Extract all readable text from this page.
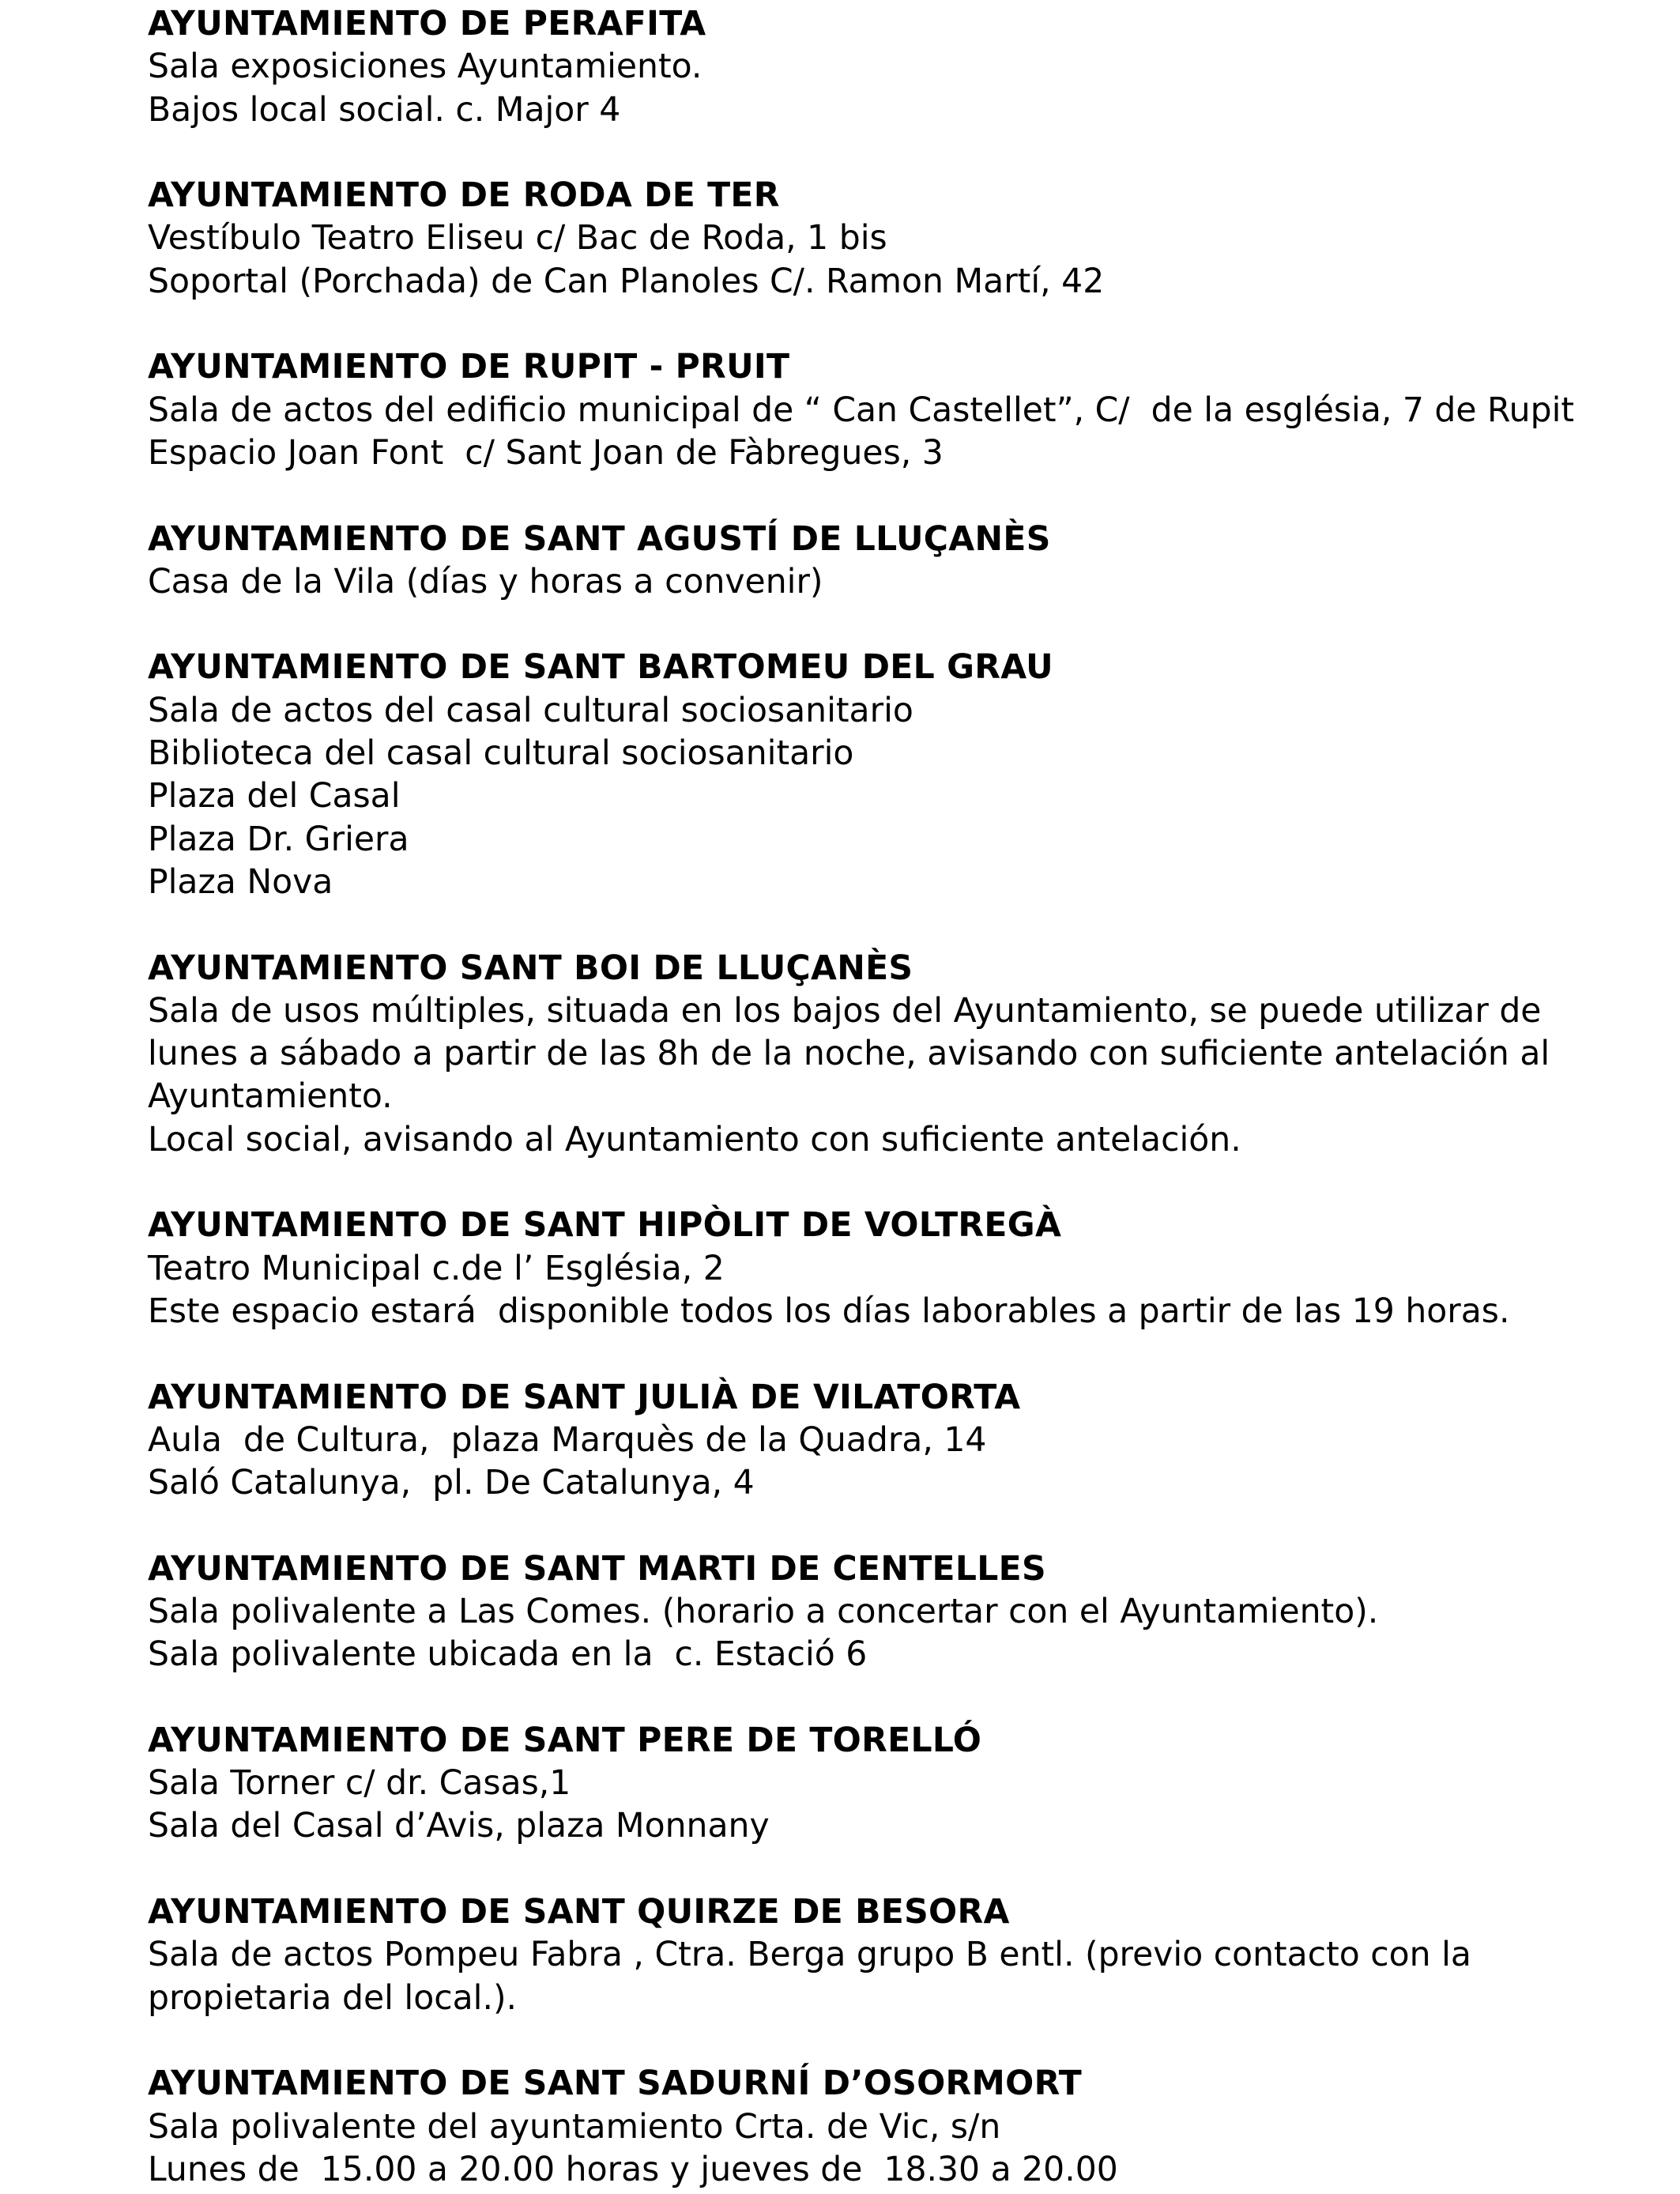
AYUNTAMIENTO DE PERAFITA
Sala exposiciones Ayuntamiento.
Bajos local social. c. Major 4
AYUNTAMIENTO DE RODA DE TER
Vestíbulo Teatro Eliseu c/ Bac de Roda, 1 bis
Soportal (Porchada) de Can Planoles C/. Ramon Martí, 42
AYUNTAMIENTO DE RUPIT - PRUIT
Sala de actos del edificio municipal de “ Can Castellet”, C/  de la església, 7 de Rupit
Espacio Joan Font  c/ Sant Joan de Fàbregues, 3
AYUNTAMIENTO DE SANT AGUSTÍ DE LLUÇANÈS
Casa de la Vila (días y horas a convenir)
AYUNTAMIENTO DE SANT BARTOMEU DEL GRAU
Sala de actos del casal cultural sociosanitario
Biblioteca del casal cultural sociosanitario
Plaza del Casal
Plaza Dr. Griera
Plaza Nova
AYUNTAMIENTO SANT BOI DE LLUÇANÈS
Sala de usos múltiples, situada en los bajos del Ayuntamiento, se puede utilizar de
lunes a sábado a partir de las 8h de la noche, avisando con suficiente antelación al
Ayuntamiento.
Local social, avisando al Ayuntamiento con suficiente antelación.
AYUNTAMIENTO DE SANT HIPÒLIT DE VOLTREGÀ
Teatro Municipal c.de l’ Església, 2
Este espacio estará  disponible todos los días laborables a partir de las 19 horas.
AYUNTAMIENTO DE SANT JULIÀ DE VILATORTA
Aula  de Cultura,  plaza Marquès de la Quadra, 14
Saló Catalunya,  pl. De Catalunya, 4
AYUNTAMIENTO DE SANT MARTI DE CENTELLES
Sala polivalente a Las Comes. (horario a concertar con el Ayuntamiento).
Sala polivalente ubicada en la  c. Estació 6
AYUNTAMIENTO DE SANT PERE DE TORELLÓ
Sala Torner c/ dr. Casas,1
Sala del Casal d’Avis, plaza Monnany
AYUNTAMIENTO DE SANT QUIRZE DE BESORA
Sala de actos Pompeu Fabra , Ctra. Berga grupo B entl. (previo contacto con la
propietaria del local.).
AYUNTAMIENTO DE SANT SADURNÍ D’OSORMORT
Sala polivalente del ayuntamiento Crta. de Vic, s/n
Lunes de  15.00 a 20.00 horas y jueves de  18.30 a 20.00
